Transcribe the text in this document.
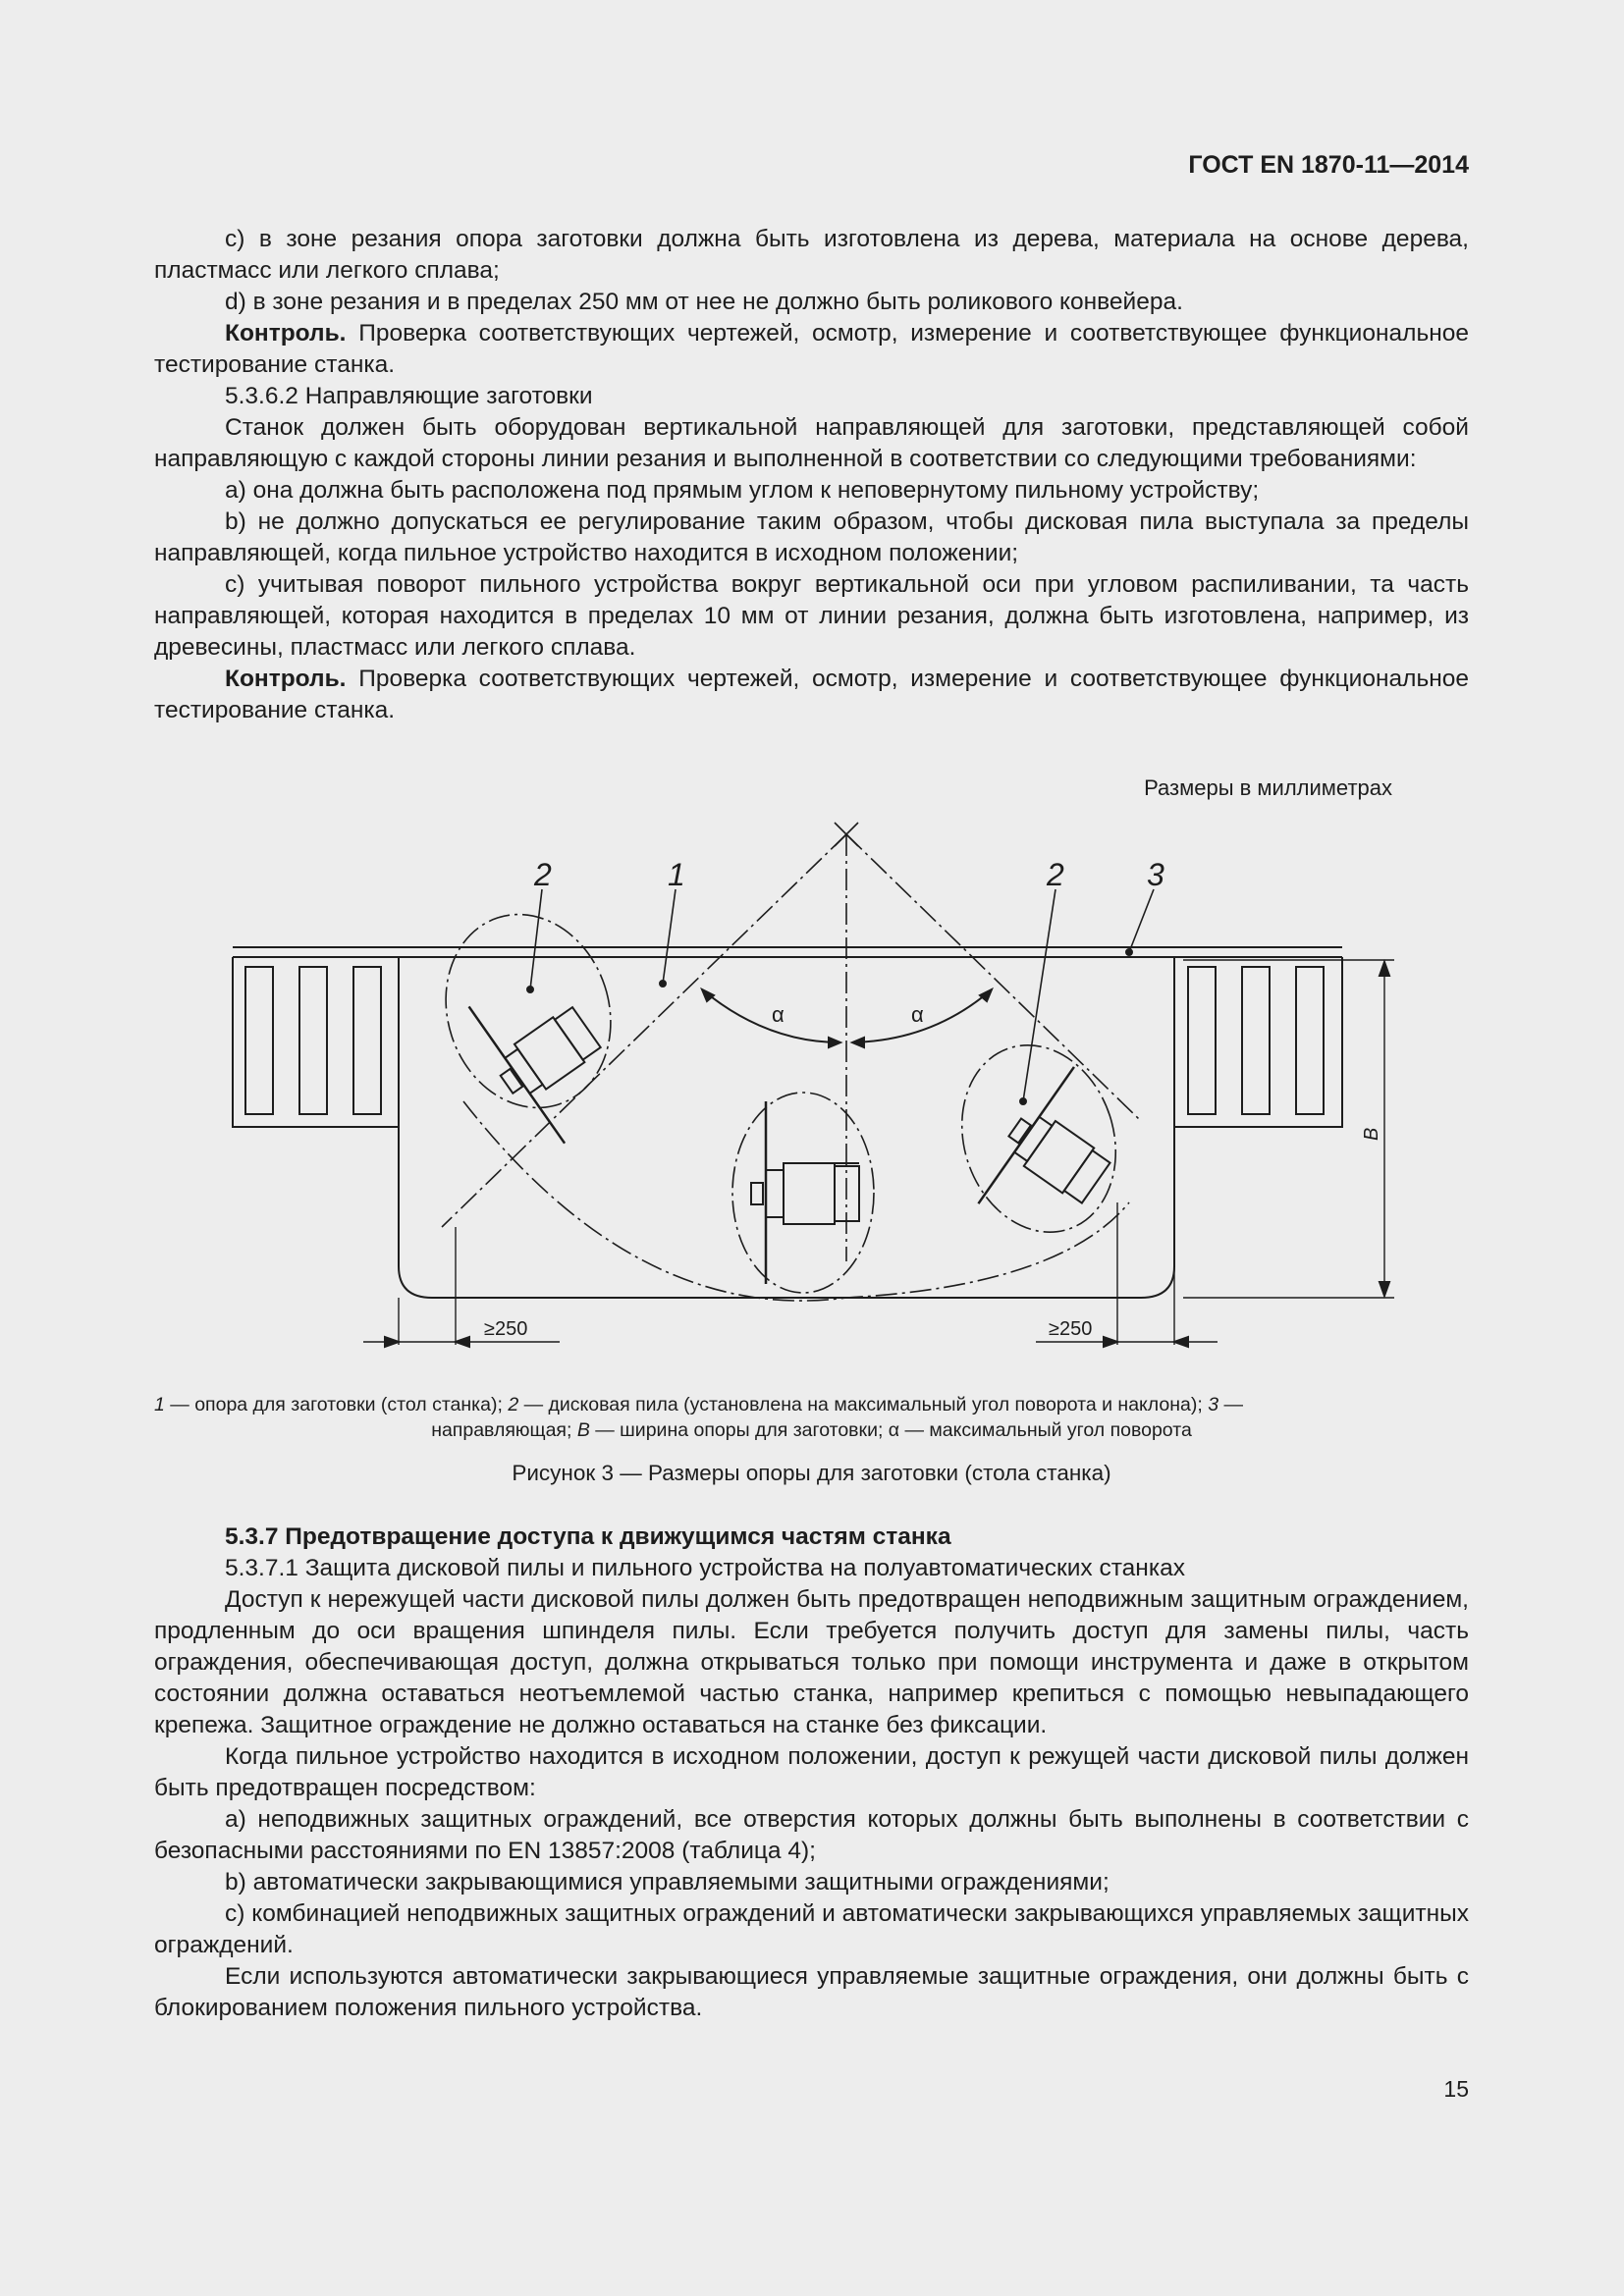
ГОСТ EN 1870-11—2014

c) в зоне резания опора заготовки должна быть изготовлена из дерева, материала на основе дерева, пластмасс или легкого сплава;

d) в зоне резания и в пределах 250 мм от нее не должно быть роликового конвейера.

Контроль. Проверка соответствующих чертежей, осмотр, измерение и соответствующее функциональное тестирование станка.

5.3.6.2 Направляющие заготовки

Станок должен быть оборудован вертикальной направляющей для заготовки, представляющей собой направляющую с каждой стороны линии резания и выполненной в соответствии со следующими требованиями:

a) она должна быть расположена под прямым углом к неповернутому пильному устройству;

b) не должно допускаться ее регулирование таким образом, чтобы дисковая пила выступала за пределы направляющей, когда пильное устройство находится в исходном положении;

c) учитывая поворот пильного устройства вокруг вертикальной оси при угловом распиливании, та часть направляющей, которая находится в пределах 10 мм от линии резания, должна быть изготовлена, например, из древесины, пластмасс или легкого сплава.

Контроль. Проверка соответствующих чертежей, осмотр, измерение и соответствующее функциональное тестирование станка.

Размеры в миллиметрах
2	1	2	3
α	α
≥250	≥250
B

1 — опора для заготовки (стол станка); 2 — дисковая пила (установлена на максимальный угол поворота и наклона); 3 —

направляющая; B — ширина опоры для заготовки; α — максимальный угол поворота

Рисунок 3 — Размеры опоры для заготовки (стола станка)

5.3.7 Предотвращение доступа к движущимся частям станка

5.3.7.1 Защита дисковой пилы и пильного устройства на полуавтоматических станках

Доступ к нережущей части дисковой пилы должен быть предотвращен неподвижным защитным ограждением, продленным до оси вращения шпинделя пилы. Если требуется получить доступ для замены пилы, часть ограждения, обеспечивающая доступ, должна открываться только при помощи инструмента и даже в открытом состоянии должна оставаться неотъемлемой частью станка, например крепиться с помощью невыпадающего крепежа. Защитное ограждение не должно оставаться на станке без фиксации.

Когда пильное устройство находится в исходном положении, доступ к режущей части дисковой пилы должен быть предотвращен посредством:

a) неподвижных защитных ограждений, все отверстия которых должны быть выполнены в соответствии с безопасными расстояниями по EN 13857:2008 (таблица 4);

b) автоматически закрывающимися управляемыми защитными ограждениями;

c) комбинацией неподвижных защитных ограждений и автоматически закрывающихся управляемых защитных ограждений.

Если используются автоматически закрывающиеся управляемые защитные ограждения, они должны быть с блокированием положения пильного устройства.

15
